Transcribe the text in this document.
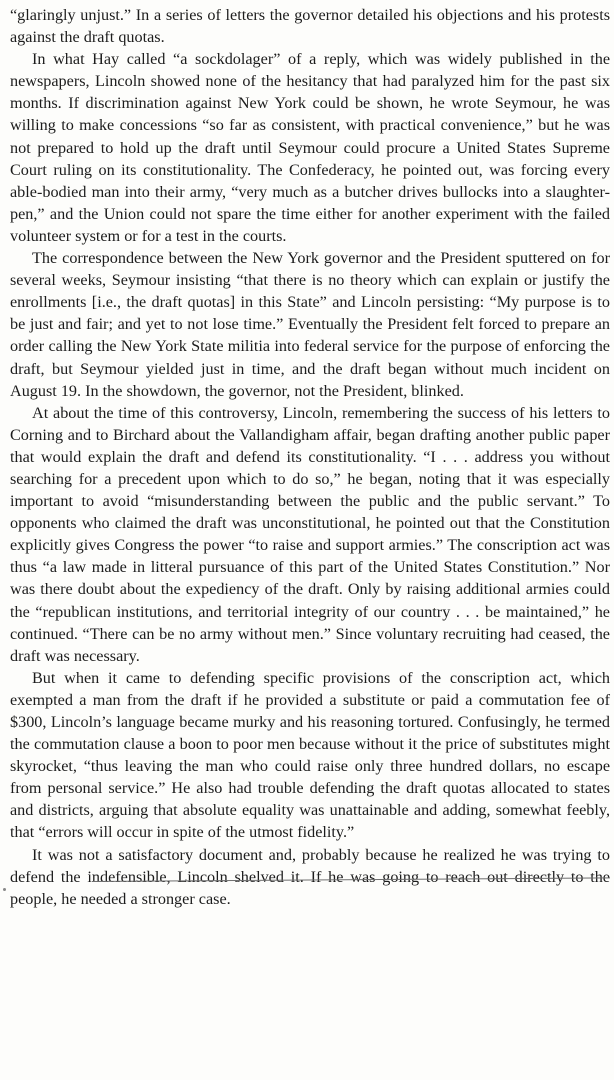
“glaringly unjust.” In a series of letters the governor detailed his objections and his protests against the draft quotas.

In what Hay called “a sockdolager” of a reply, which was widely published in the newspapers, Lincoln showed none of the hesitancy that had paralyzed him for the past six months. If discrimination against New York could be shown, he wrote Seymour, he was willing to make concessions “so far as consistent, with practical convenience,” but he was not prepared to hold up the draft until Seymour could procure a United States Supreme Court ruling on its constitutionality. The Confederacy, he pointed out, was forcing every able-bodied man into their army, “very much as a butcher drives bullocks into a slaughter-pen,” and the Union could not spare the time either for another experiment with the failed volunteer system or for a test in the courts.

The correspondence between the New York governor and the President sputtered on for several weeks, Seymour insisting “that there is no theory which can explain or justify the enrollments [i.e., the draft quotas] in this State” and Lincoln persisting: “My purpose is to be just and fair; and yet to not lose time.” Eventually the President felt forced to prepare an order calling the New York State militia into federal service for the purpose of enforcing the draft, but Seymour yielded just in time, and the draft began without much incident on August 19. In the showdown, the governor, not the President, blinked.

At about the time of this controversy, Lincoln, remembering the success of his letters to Corning and to Birchard about the Vallandigham affair, began drafting another public paper that would explain the draft and defend its constitutionality. “I . . . address you without searching for a precedent upon which to do so,” he began, noting that it was especially important to avoid “misunderstanding between the public and the public servant.” To opponents who claimed the draft was unconstitutional, he pointed out that the Constitution explicitly gives Congress the power “to raise and support armies.” The conscription act was thus “a law made in litteral pursuance of this part of the United States Constitution.” Nor was there doubt about the expediency of the draft. Only by raising additional armies could the “republican institutions, and territorial integrity of our country . . . be maintained,” he continued. “There can be no army without men.” Since voluntary recruiting had ceased, the draft was necessary.

But when it came to defending specific provisions of the conscription act, which exempted a man from the draft if he provided a substitute or paid a commutation fee of $300, Lincoln’s language became murky and his reasoning tortured. Confusingly, he termed the commutation clause a boon to poor men because without it the price of substitutes might skyrocket, “thus leaving the man who could raise only three hundred dollars, no escape from personal service.” He also had trouble defending the draft quotas allocated to states and districts, arguing that absolute equality was unattainable and adding, somewhat feebly, that “errors will occur in spite of the utmost fidelity.”

It was not a satisfactory document and, probably because he realized he was trying to defend the indefensible, Lincoln shelved it. If he was going to reach out directly to the people, he needed a stronger case.
